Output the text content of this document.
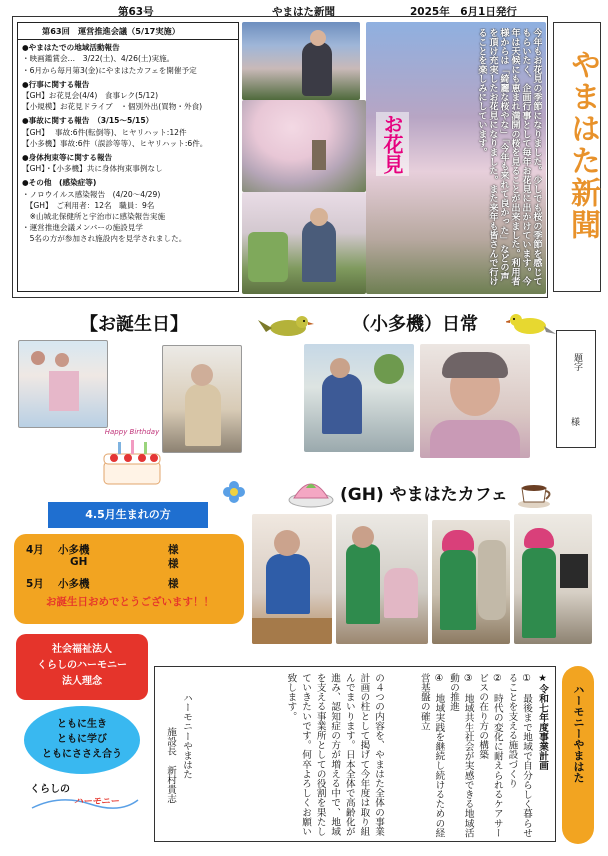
第63号	やまはた新聞	2025年　6月1日発行
第63回　運営推進会議（5/17実施）
●やまはたでの地域活動報告
・映画鑑賞会…　3/22(土)、4/26(土)実施。
・6月から毎月第3(金)にやまはたカフェを開催予定
●行事に関する報告
【GH】お花見会(4/4)　食事レク(5/12)
【小規模】お花見ドライブ　・個別外出(買物・外食)
●事故に関する報告　（3/15～5/15）
【GH】　 事故:6件(転倒等)、ヒヤリハット:12件
【小多機】事故:6件（誤診等等）、ヒヤリハット:6件。
●身体拘束等に関する報告
【GH】・【小多機】共に身体拘束事例なし
●その他　(感染症等)
・ノロウイルス感染報告　(4/20～4/29)
　【GH】　ご利用者：12名　職員：9名
　※山城北保健所と宇治市に感染報告実施
・運営推進会議メンバーの施設見学
　5名の方が参加され施設内を見学されました。	今年もお花見の季節になりました。少しでも桜の季節を感じてもらいたく、企画行事として毎年お花見に出かけています。今年は天候にも恵まれ満開の桜を見ることが出来ました。利用者様からは「綺麗な桜やな」「今年も来れて良かった」などの声を頂け充実したお花見になりました。また来年も皆さんで行けることを楽しみにしています。
お花見	やまはた新聞
【お誕生日】
Happy Birthday
4.5月生まれの方
4月	小多機	様
GH	様
5月	小多機	様
お誕生日おめでとうございます！！
（小多機）日常
題字
様
(GH) やまはたカフェ
社会福祉法人
くらしのハーモニー
法人理念
ともに生き
ともに学び
ともにささえ合う
くらしの
ハーモニー
★令和七年度事業計画
①　最後まで地域で自分らしく暮らせることを支える施設づくり
②　時代の変化に耐えられるケアサービスの在り方の構築
③　地域共生社会が実感できる地域活動の推進
④　地域実践を継続し続けるための経営基盤の確立
の４つの内容を、やまはた全体の事業計画の柱として掲げて今年度は取り組んでまいります。日本全体で高齢化が進み、認知症の方が増える中で、地域を支える事業所としての役割を果たしていきたいです。何卒よろしくお願い致します。
ハーモニーやまはた
施設長　新村貴志	ハーモニーやまはた
